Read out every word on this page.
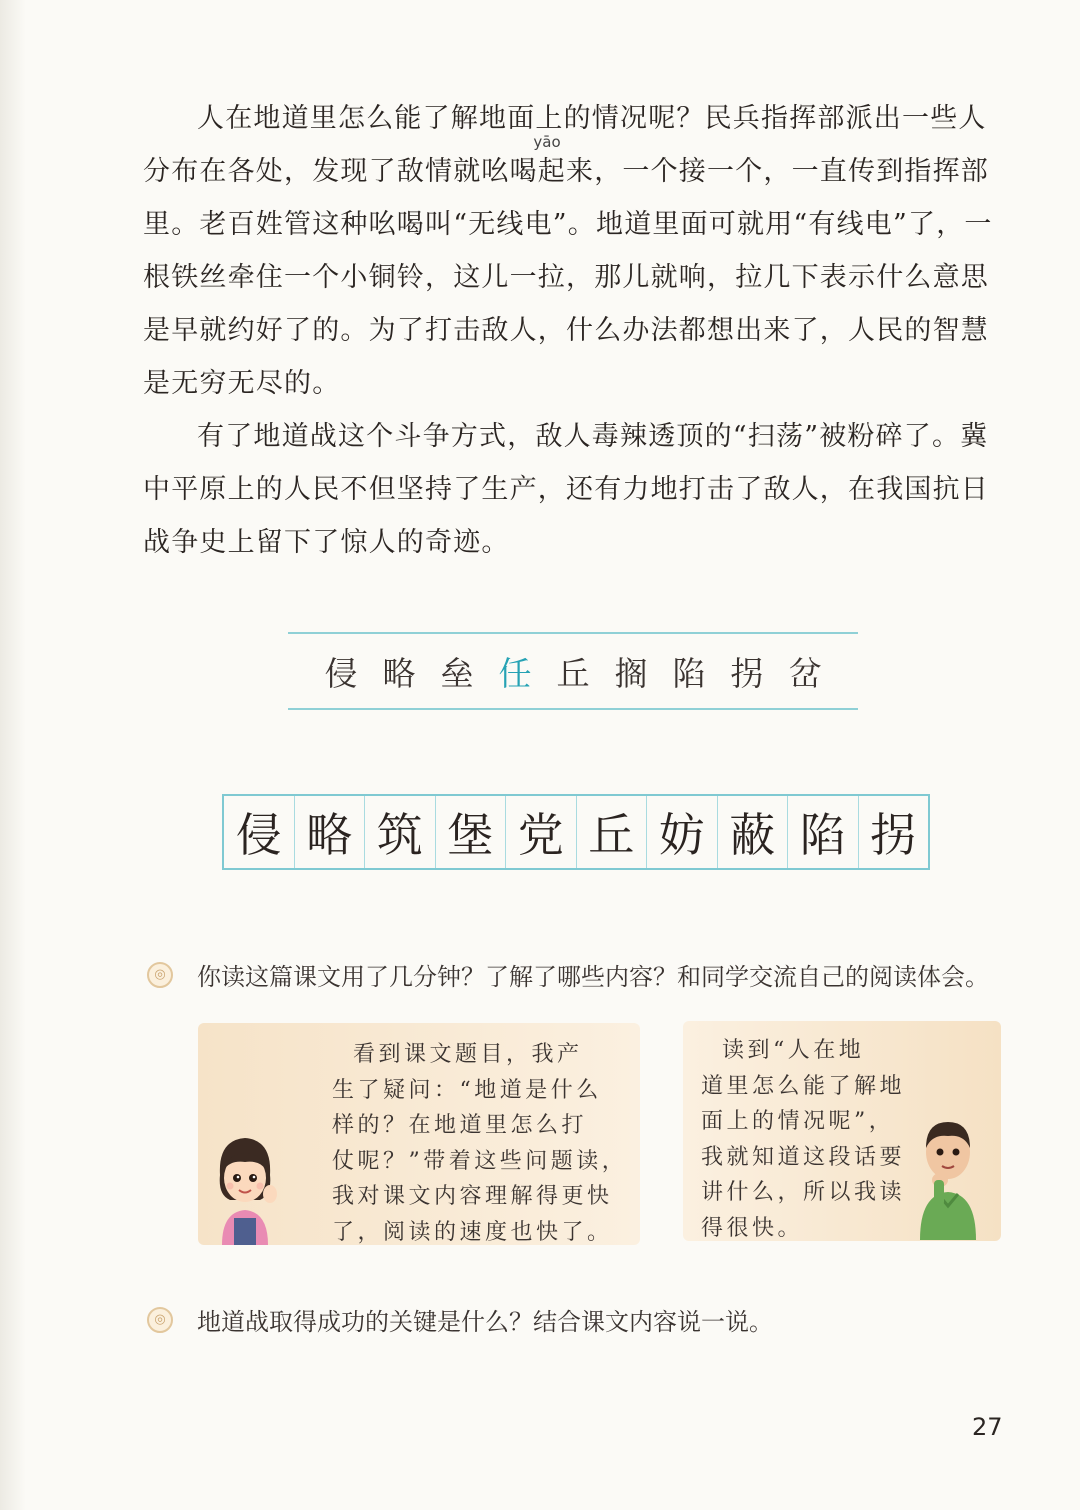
人在地道里怎么能了解地面上的情况呢？民兵指挥部派出一些人分布在各处，发现了敌情就
yāo
吆喝起来，一个接一个，一直传到指挥部里。老百姓管这种吆喝叫“无线电”。地道里面可就用“有线电”了，一根铁丝牵住一个小铜铃，这儿一拉，那儿就响，拉几下表示什么意思是早就约好了的。为了打击敌人，什么办法都想出来了，人民的智慧是无穷无尽的。

有了地道战这个斗争方式，敌人毒辣透顶的“扫荡”被粉碎了。冀中平原上的人民不但坚持了生产，还有力地打击了敌人，在我国抗日战争史上留下了惊人的奇迹。

侵 略 垒 任 丘 搁 陷 拐 岔
侵 略 筑 堡 党 丘 妨 蔽 陷 拐
◎	你读这篇课文用了几分钟？了解了哪些内容？和同学交流自己的阅读体会。
看到课文题目，我产
生了疑问：“地道是什么
样的？在地道里怎么打
仗呢？”带着这些问题读，
我对课文内容理解得更快
了，阅读的速度也快了。
读到“人在地
道里怎么能了解地
面上的情况呢”，
我就知道这段话要
讲什么，所以我读
得很快。
◎	地道战取得成功的关键是什么？结合课文内容说一说。
27
